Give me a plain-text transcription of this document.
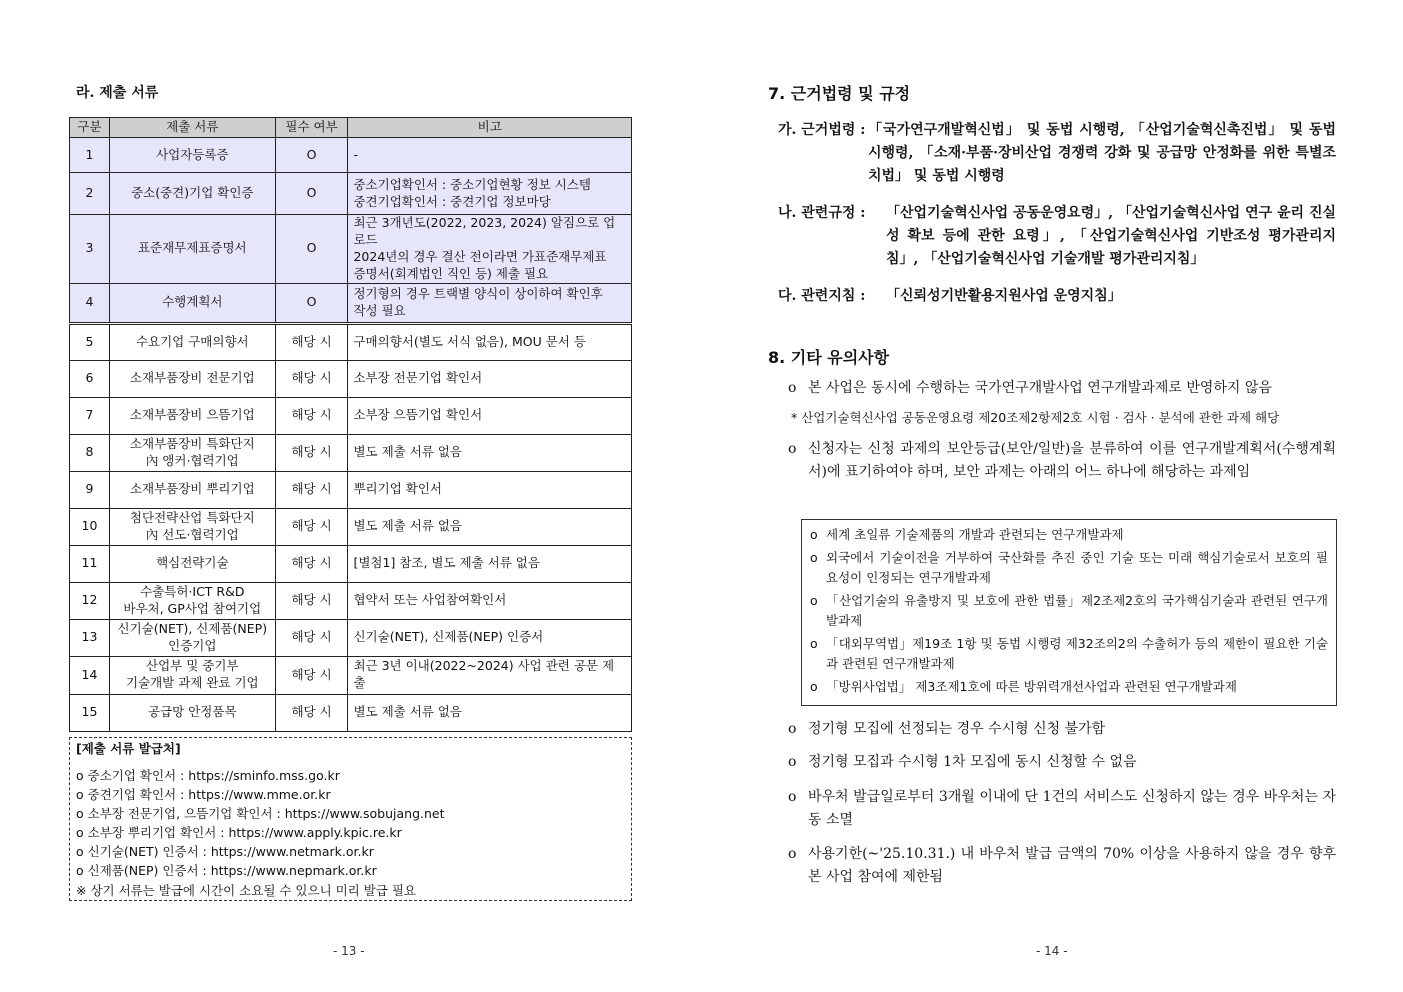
라. 제출 서류
구분	제출 서류	필수 여부	비고
1	사업자등록증	O	-
2	중소(중견)기업 확인증	O	중소기업확인서 : 중소기업현황 정보 시스템
중견기업확인서 : 중견기업 정보마당
3	표준재무제표증명서	O	최근 3개년도(2022, 2023, 2024) 알짐으로 업로드
2024년의 경우 결산 전이라면 가표준재무제표
증명서(회계법인 직인 등) 제출 필요
4	수행계획서	O	정기형의 경우 트랙별 양식이 상이하여 확인후
작성 필요
5	수요기업 구매의향서	해당 시	구매의향서(별도 서식 없음), MOU 문서 등
6	소재부품장비 전문기업	해당 시	소부장 전문기업 확인서
7	소재부품장비 으뜸기업	해당 시	소부장 으뜸기업 확인서
8	소재부품장비 특화단지
內 앵커·협력기업	해당 시	별도 제출 서류 없음
9	소재부품장비 뿌리기업	해당 시	뿌리기업 확인서
10	첨단전략산업 특화단지
內 선도·협력기업	해당 시	별도 제출 서류 없음
11	핵심전략기술	해당 시	[별첨1] 참조, 별도 제출 서류 없음
12	수출특허·ICT R&D
바우처, GP사업 참여기업	해당 시	협약서 또는 사업참여확인서
13	신기술(NET), 신제품(NEP)
인증기업	해당 시	신기술(NET), 신제품(NEP) 인증서
14	산업부 및 중기부
기술개발 과제 완료 기업	해당 시	최근 3년 이내(2022~2024) 사업 관련 공문 제출
15	공급망 안정품목	해당 시	별도 제출 서류 없음
[제출 서류 발급처]
o 중소기업 확인서 : https://sminfo.mss.go.kr
o 중견기업 확인서 : https://www.mme.or.kr
o 소부장 전문기업, 으뜸기업 확인서 : https://www.sobujang.net
o 소부장 뿌리기업 확인서 : https://www.apply.kpic.re.kr
o 신기술(NET) 인증서 : https://www.netmark.or.kr
o 신제품(NEP) 인증서 : https://www.nepmark.or.kr
※ 상기 서류는 발급에 시간이 소요될 수 있으니 미리 발급 필요
- 13 -
7. 근거법령 및 규정
가. 근거법령 : 「국가연구개발혁신법」 및 동법 시행령, 「산업기술혁신촉진법」 및 동법 시행령, 「소재·부품·장비산업 경쟁력 강화 및 공급망 안정화를 위한 특별조치법」 및 동법 시행령
나. 관련규정 : 「산업기술혁신사업 공동운영요령」, 「산업기술혁신사업 연구 윤리 진실성 확보 등에 관한 요령」, 「산업기술혁신사업 기반조성 평가관리지침」, 「산업기술혁신사업 기술개발 평가관리지침」
다. 관련지침 : 「신뢰성기반활용지원사업 운영지침」
8. 기타 유의사항
o 본 사업은 동시에 수행하는 국가연구개발사업 연구개발과제로 반영하지 않음
* 산업기술혁신사업 공동운영요령 제20조제2항제2호 시험 · 검사 · 분석에 관한 과제 해당
o 신청자는 신청 과제의 보안등급(보안/일반)을 분류하여 이를 연구개발계획서(수행계획서)에 표기하여야 하며, 보안 과제는 아래의 어느 하나에 해당하는 과제임
o 세계 초일류 기술제품의 개발과 관련되는 연구개발과제
o 외국에서 기술이전을 거부하여 국산화를 추진 중인 기술 또는 미래 핵심기술로서 보호의 필요성이 인정되는 연구개발과제
o 「산업기술의 유출방지 및 보호에 관한 법률」제2조제2호의 국가핵심기술과 관련된 연구개발과제
o 「대외무역법」제19조 1항 및 동법 시행령 제32조의2의 수출허가 등의 제한이 필요한 기술과 관련된 연구개발과제
o 「방위사업법」 제3조제1호에 따른 방위력개선사업과 관련된 연구개발과제
o 정기형 모집에 선정되는 경우 수시형 신청 불가함
o 정기형 모집과 수시형 1차 모집에 동시 신청할 수 없음
o 바우처 발급일로부터 3개월 이내에 단 1건의 서비스도 신청하지 않는 경우 바우처는 자동 소멸
o 사용기한(~'25.10.31.) 내 바우처 발급 금액의 70% 이상을 사용하지 않을 경우 향후 본 사업 참여에 제한됨
- 14 -
